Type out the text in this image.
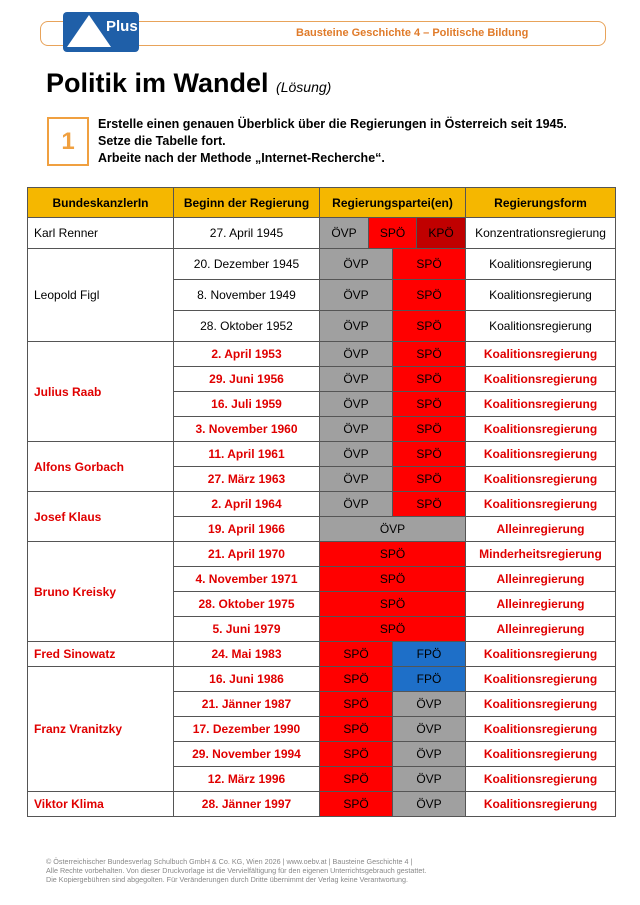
Bausteine Geschichte 4 – Politische Bildung
Plus
Politik im Wandel (Lösung)
1
Erstelle einen genauen Überblick über die Regierungen in Österreich seit 1945.
Setze die Tabelle fort.
Arbeite nach der Methode „Internet-Recherche“.
BundeskanzlerIn	Beginn der Regierung	Regierungspartei(en)				Regierungsform
Karl Renner	27. April 1945	ÖVP	SPÖ		KPÖ	Konzentrationsregierung
Leopold Figl	20. Dezember 1945	ÖVP		SPÖ		Koalitionsregierung
	8. November 1949	ÖVP		SPÖ		Koalitionsregierung
	28. Oktober 1952	ÖVP		SPÖ		Koalitionsregierung
Julius Raab	2. April 1953	ÖVP		SPÖ		Koalitionsregierung
	29. Juni 1956	ÖVP		SPÖ		Koalitionsregierung
	16. Juli 1959	ÖVP		SPÖ		Koalitionsregierung
	3. November 1960	ÖVP		SPÖ		Koalitionsregierung
Alfons Gorbach	11. April 1961	ÖVP		SPÖ		Koalitionsregierung
	27. März 1963	ÖVP		SPÖ		Koalitionsregierung
Josef Klaus	2. April 1964	ÖVP		SPÖ		Koalitionsregierung
	19. April 1966	ÖVP				Alleinregierung
Bruno Kreisky	21. April 1970	SPÖ				Minderheitsregierung
	4. November 1971	SPÖ				Alleinregierung
	28. Oktober 1975	SPÖ				Alleinregierung
	5. Juni 1979	SPÖ				Alleinregierung
Fred Sinowatz	24. Mai 1983	SPÖ		FPÖ		Koalitionsregierung
Franz Vranitzky	16. Juni 1986	SPÖ		FPÖ		Koalitionsregierung
	21. Jänner 1987	SPÖ		ÖVP		Koalitionsregierung
	17. Dezember 1990	SPÖ		ÖVP		Koalitionsregierung
	29. November 1994	SPÖ		ÖVP		Koalitionsregierung
	12. März 1996	SPÖ		ÖVP		Koalitionsregierung
Viktor Klima	28. Jänner 1997	SPÖ		ÖVP		Koalitionsregierung
© Österreichischer Bundesverlag Schulbuch GmbH & Co. KG, Wien 2026 | www.oebv.at | Bausteine Geschichte 4 |
Alle Rechte vorbehalten. Von dieser Druckvorlage ist die Vervielfältigung für den eigenen Unterrichtsgebrauch gestattet.
Die Kopiergebühren sind abgegolten. Für Veränderungen durch Dritte übernimmt der Verlag keine Verantwortung.
